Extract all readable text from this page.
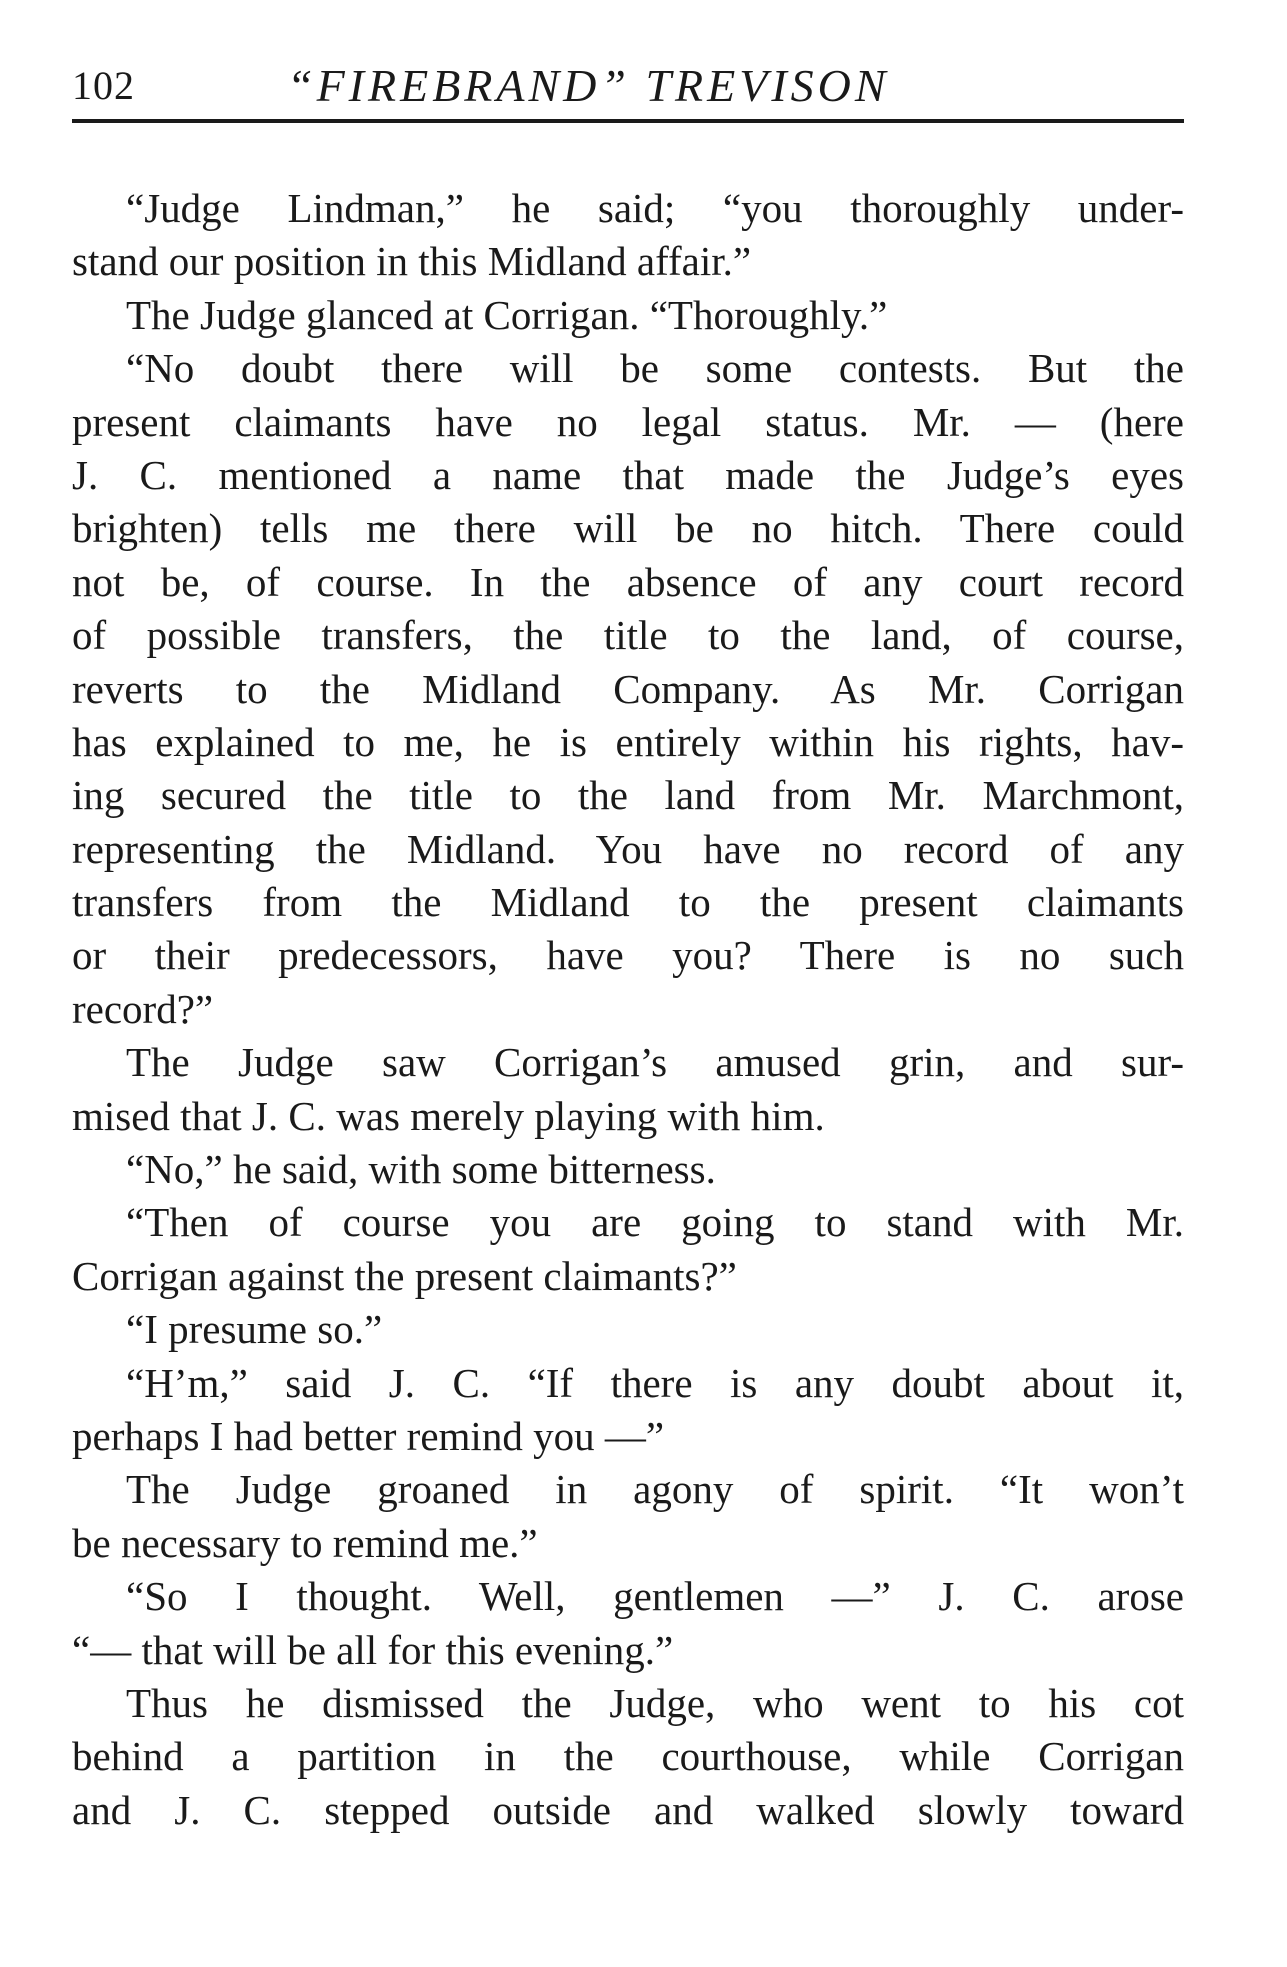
102	“FIREBRAND” TREVISON
“Judge Lindman,” he said; “you thoroughly under-
stand our position in this Midland affair.”
The Judge glanced at Corrigan. “Thoroughly.”
“No doubt there will be some contests. But the
present claimants have no legal status. Mr. — (here
J. C. mentioned a name that made the Judge’s eyes
brighten) tells me there will be no hitch. There could
not be, of course. In the absence of any court record
of possible transfers, the title to the land, of course,
reverts to the Midland Company. As Mr. Corrigan
has explained to me, he is entirely within his rights, hav-
ing secured the title to the land from Mr. Marchmont,
representing the Midland. You have no record of any
transfers from the Midland to the present claimants
or their predecessors, have you? There is no such
record?”
The Judge saw Corrigan’s amused grin, and sur-
mised that J. C. was merely playing with him.
“No,” he said, with some bitterness.
“Then of course you are going to stand with Mr.
Corrigan against the present claimants?”
“I presume so.”
“H’m,” said J. C. “If there is any doubt about it,
perhaps I had better remind you —”
The Judge groaned in agony of spirit. “It won’t
be necessary to remind me.”
“So I thought. Well, gentlemen —” J. C. arose
“— that will be all for this evening.”
Thus he dismissed the Judge, who went to his cot
behind a partition in the courthouse, while Corrigan
and J. C. stepped outside and walked slowly toward
